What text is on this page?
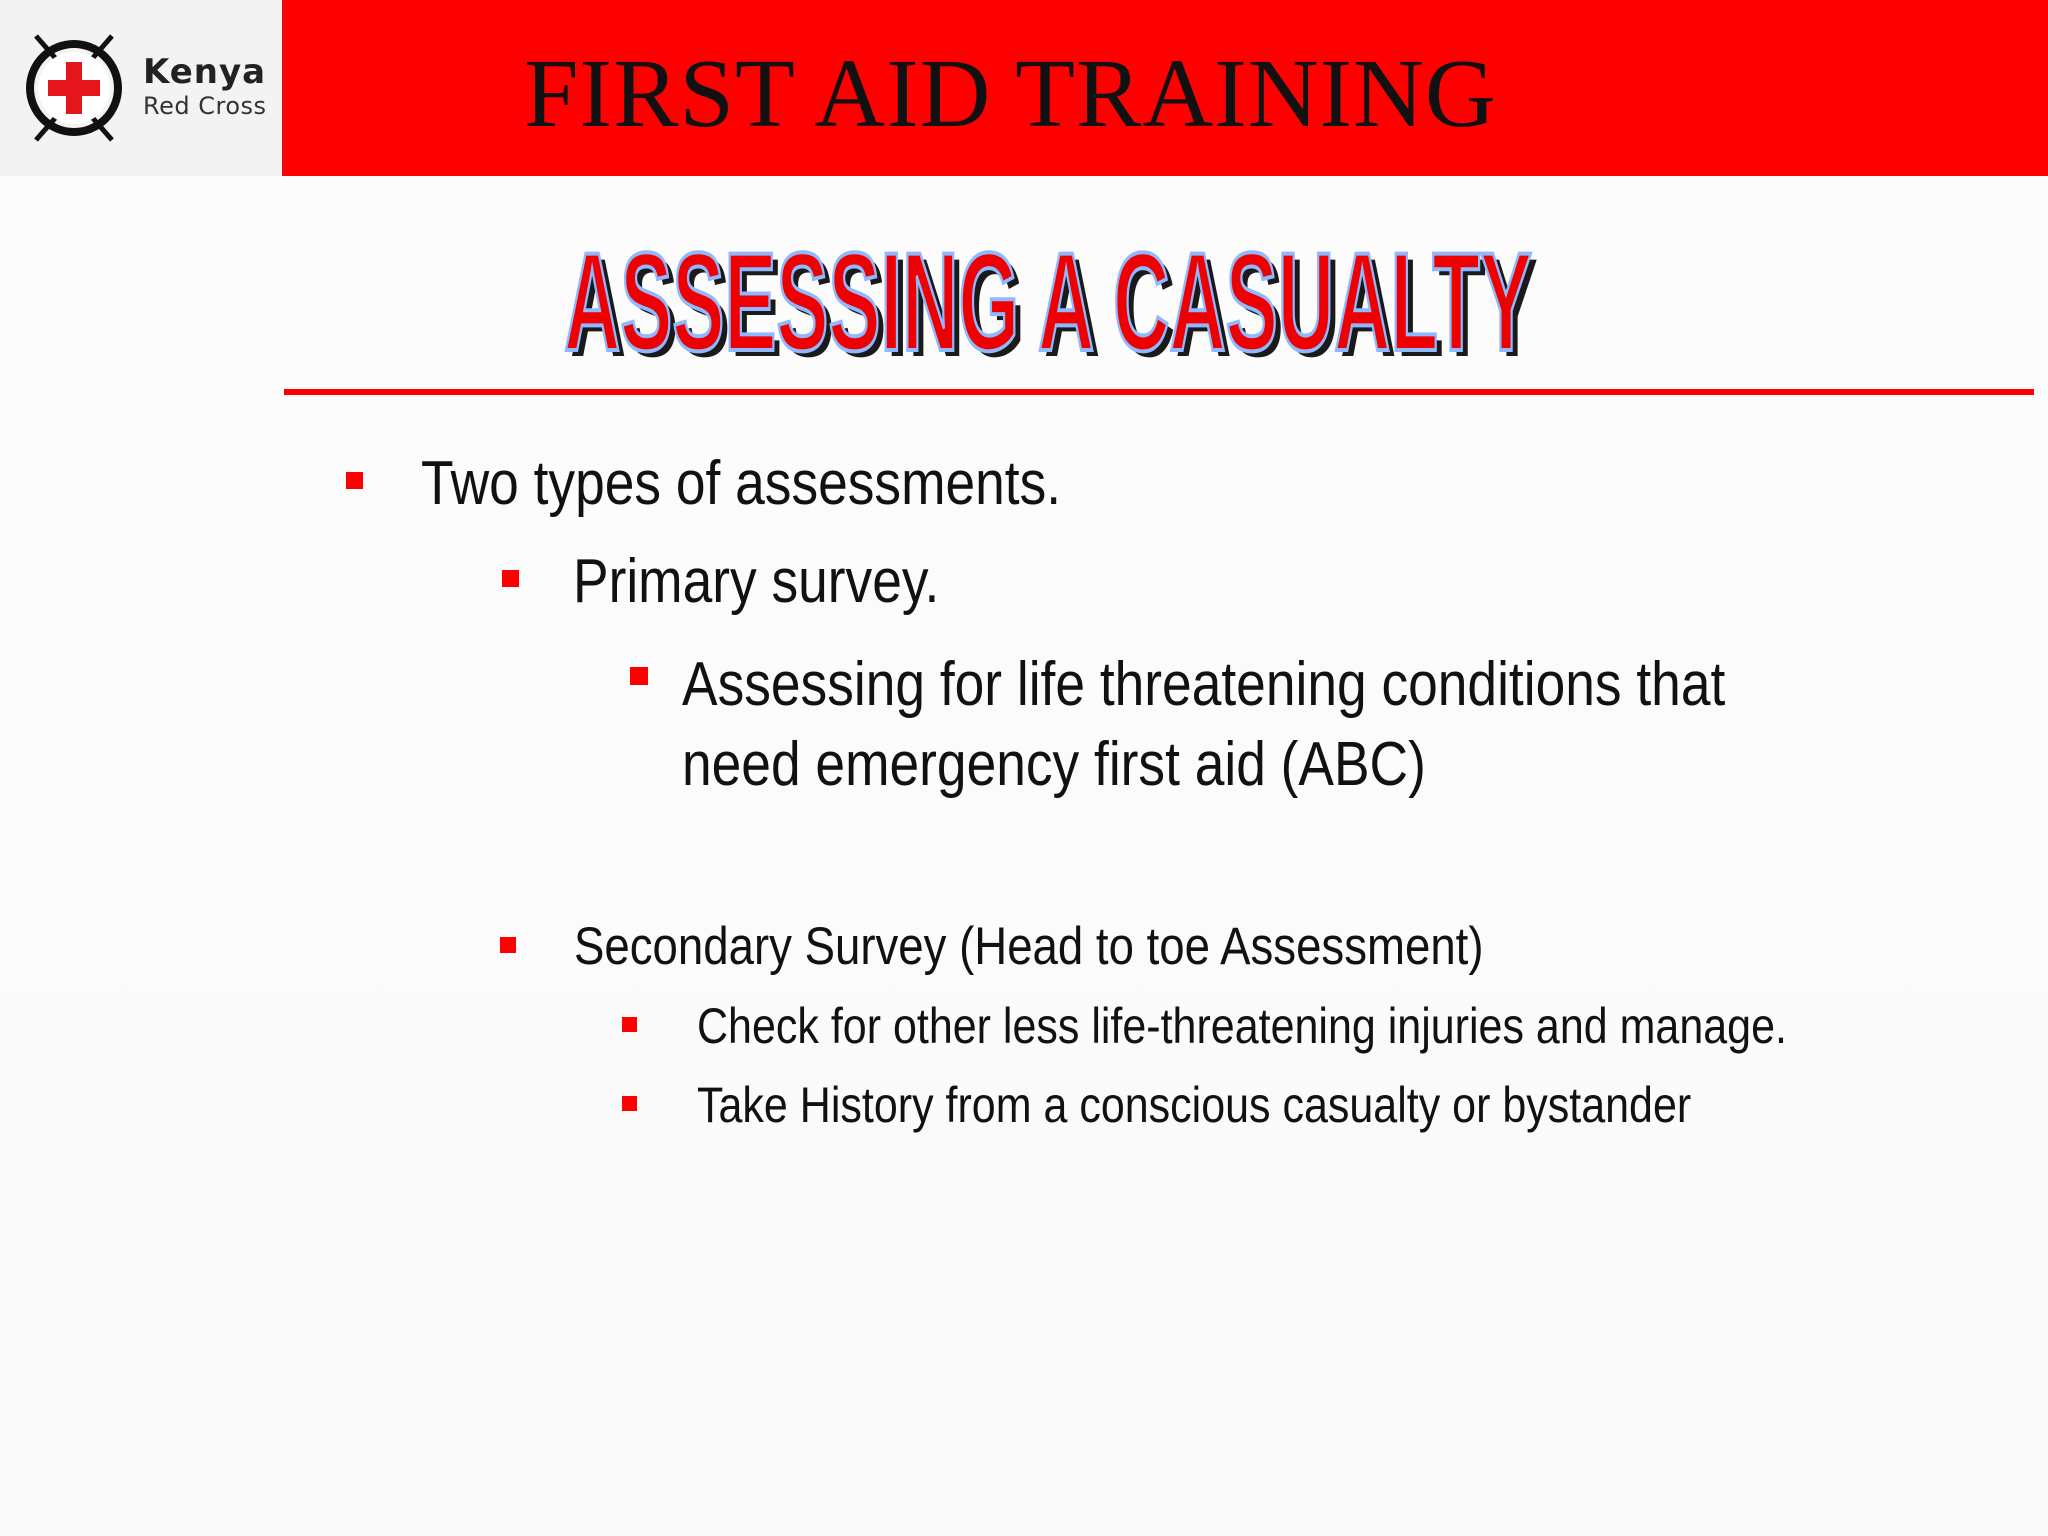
Kenya
Red Cross	FIRST AID TRAINING
ASSESSING A CASUALTY
ASSESSING A CASUALTY
Two types of assessments.
Primary survey.
Assessing for life threatening conditions that need emergency first aid (ABC)
Secondary Survey (Head to toe Assessment)
Check for other less life-threatening injuries and manage.
Take History from a conscious casualty or bystander
